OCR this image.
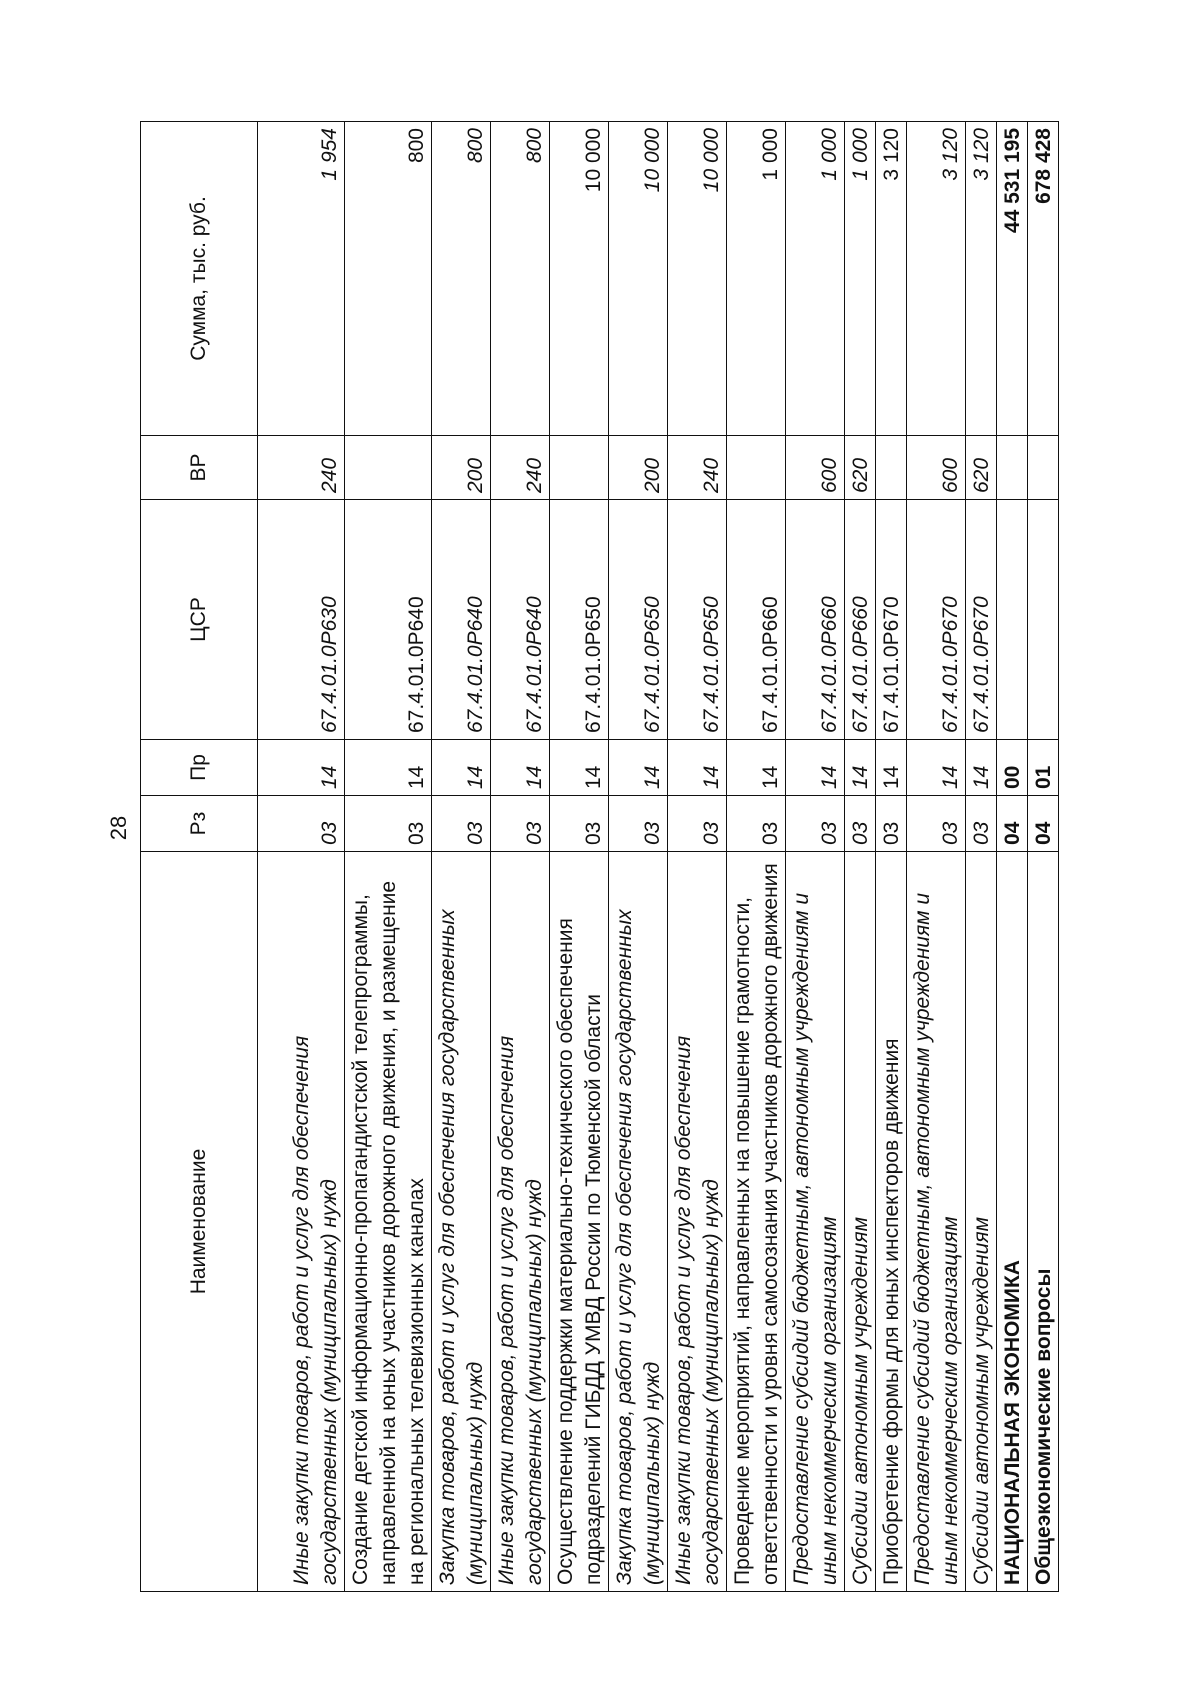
28
Наименование	Рз	Пр	ЦСР	ВР	Сумма, тыс. руб.
Иные закупки товаров, работ и услуг для обеспечения государственных (муниципальных) нужд	03	14	67.4.01.0Р630	240	1 954
Создание детской информационно-пропагандистской телепрограммы, направленной на юных участников дорожного движения, и размещение на региональных телевизионных каналах	03	14	67.4.01.0Р640		800
Закупка товаров, работ и услуг для обеспечения государственных (муниципальных) нужд	03	14	67.4.01.0Р640	200	800
Иные закупки товаров, работ и услуг для обеспечения государственных (муниципальных) нужд	03	14	67.4.01.0Р640	240	800
Осуществление поддержки материально-технического обеспечения подразделений ГИБДД УМВД России по Тюменской области	03	14	67.4.01.0Р650		10 000
Закупка товаров, работ и услуг для обеспечения государственных (муниципальных) нужд	03	14	67.4.01.0Р650	200	10 000
Иные закупки товаров, работ и услуг для обеспечения государственных (муниципальных) нужд	03	14	67.4.01.0Р650	240	10 000
Проведение мероприятий, направленных на повышение грамотности, ответственности и уровня самосознания участников дорожного движения	03	14	67.4.01.0Р660		1 000
Предоставление субсидий бюджетным, автономным учреждениям и иным некоммерческим организациям	03	14	67.4.01.0Р660	600	1 000
Субсидии автономным учреждениям	03	14	67.4.01.0Р660	620	1 000
Приобретение формы для юных инспекторов движения	03	14	67.4.01.0Р670		3 120
Предоставление субсидий бюджетным, автономным учреждениям и иным некоммерческим организациям	03	14	67.4.01.0Р670	600	3 120
Субсидии автономным учреждениям	03	14	67.4.01.0Р670	620	3 120
НАЦИОНАЛЬНАЯ ЭКОНОМИКА	04	00			44 531 195
Общеэкономические вопросы	04	01			678 428
